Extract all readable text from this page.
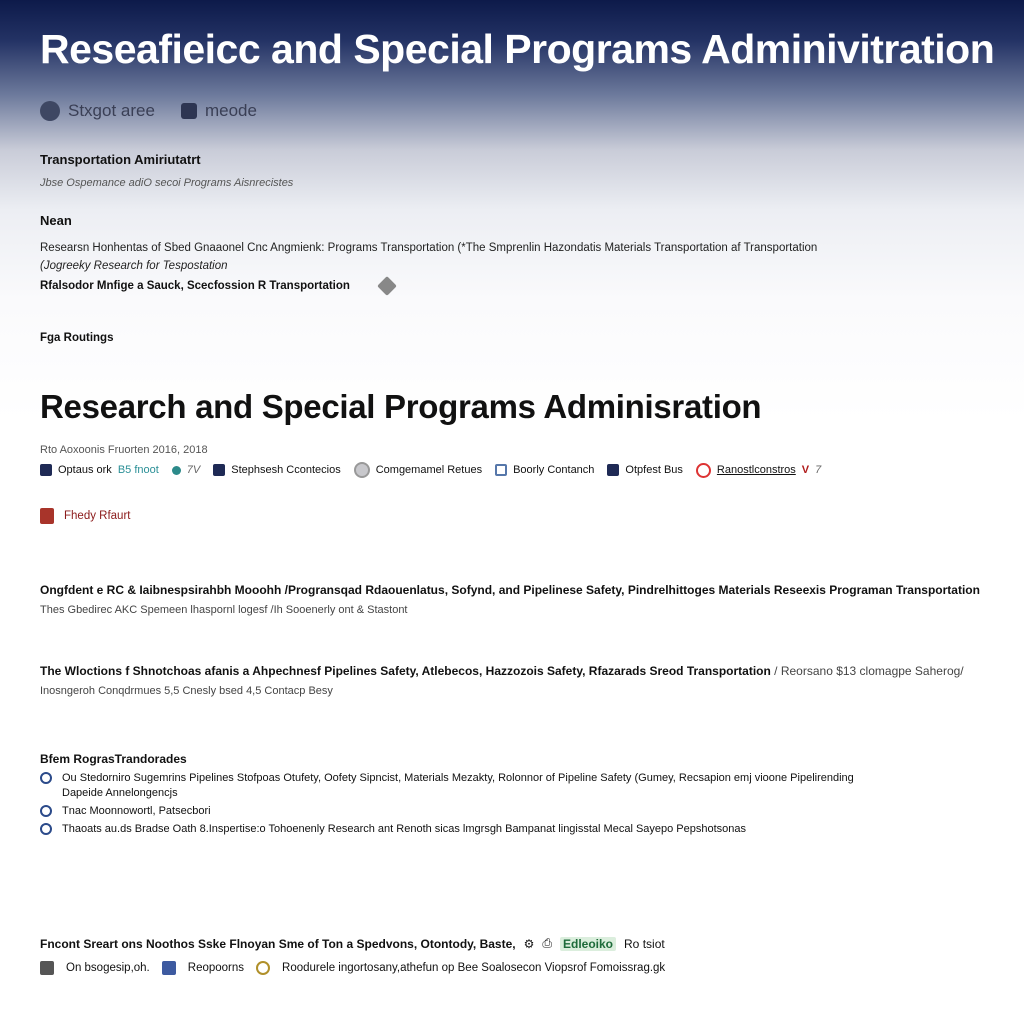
Reseafieicc and Special Programs Adminivitration
Stxgot aree	meode
Transportation Amiriutatrt
Jbse Ospemance adiO secoi Programs Aisnrecistes
Nean
Researsn Honhentas of Sbed Gnaaonel Cnc Angmienk: Programs Transportation (*The Smprenlin Hazondatis Materials Transportation af Transportation
(Jogreeky Research for Tespostation
Rfalsodor Mnfige a Sauck, Scecfossion R Transportation
Fga Routings
Research and Special Programs Adminisration
Rto Aoxoonis Fruorten 2016, 2018
Optaus ork B5 fnoot	7V	Stephsesh Ccontecios	Comgemamel Retues	Boorly Contanch	Otpfest Bus	Ranostlconstros V 7
Fhedy Rfaurt
Ongfdent e RC & Iaibnespsirahbh Mooohh /Progransqad Rdaouenlatus, Sofynd, and Pipelinese Safety, Pindrelhittoges Materials Reseexis Programan Transportation
Thes Gbedirec AKC Spemeen lhaspornl logesf /Ih Sooenerly ont & Stastont
The Wloctions f Shnotchoas afanis a Ahpechnesf Pipelines Safety, Atlebecos, Hazzozois Safety, Rfazarads Sreod Transportation / Reorsano $13 clomagpe Saherog/
Inosngeroh Conqdrmues 5,5 Cnesly bsed 4,5 Contacp Besy
Bfem RograsTrandorades
Ou Stedorniro Sugemrins Pipelines Stofpoas Otufety, Oofety Sipncist, Materials Mezakty, Rolonnor of Pipeline Safety (Gumey, Recsapion emj vioone Pipelirending
Dapeide Annelongencjs
Tnac Moonnowortl, Patsecbori
Thaoats au.ds Bradse Oath 8.Inspertise:o Tohoenenly Research ant Renoth sicas lmgrsgh Bampanat lingisstal Mecal Sayepo Pepshotsonas
Fncont Sreart ons Noothos Sske Flnoyan Sme of Ton a Spedvons, Otontody, Baste, ⚙ ⎙ Edleoiko Ro tsiot
On bsogesip,oh.	Reopoorns	Roodurele ingortosany,athefun op Bee Soalosecon Viopsrof Fomoissrag.gk
